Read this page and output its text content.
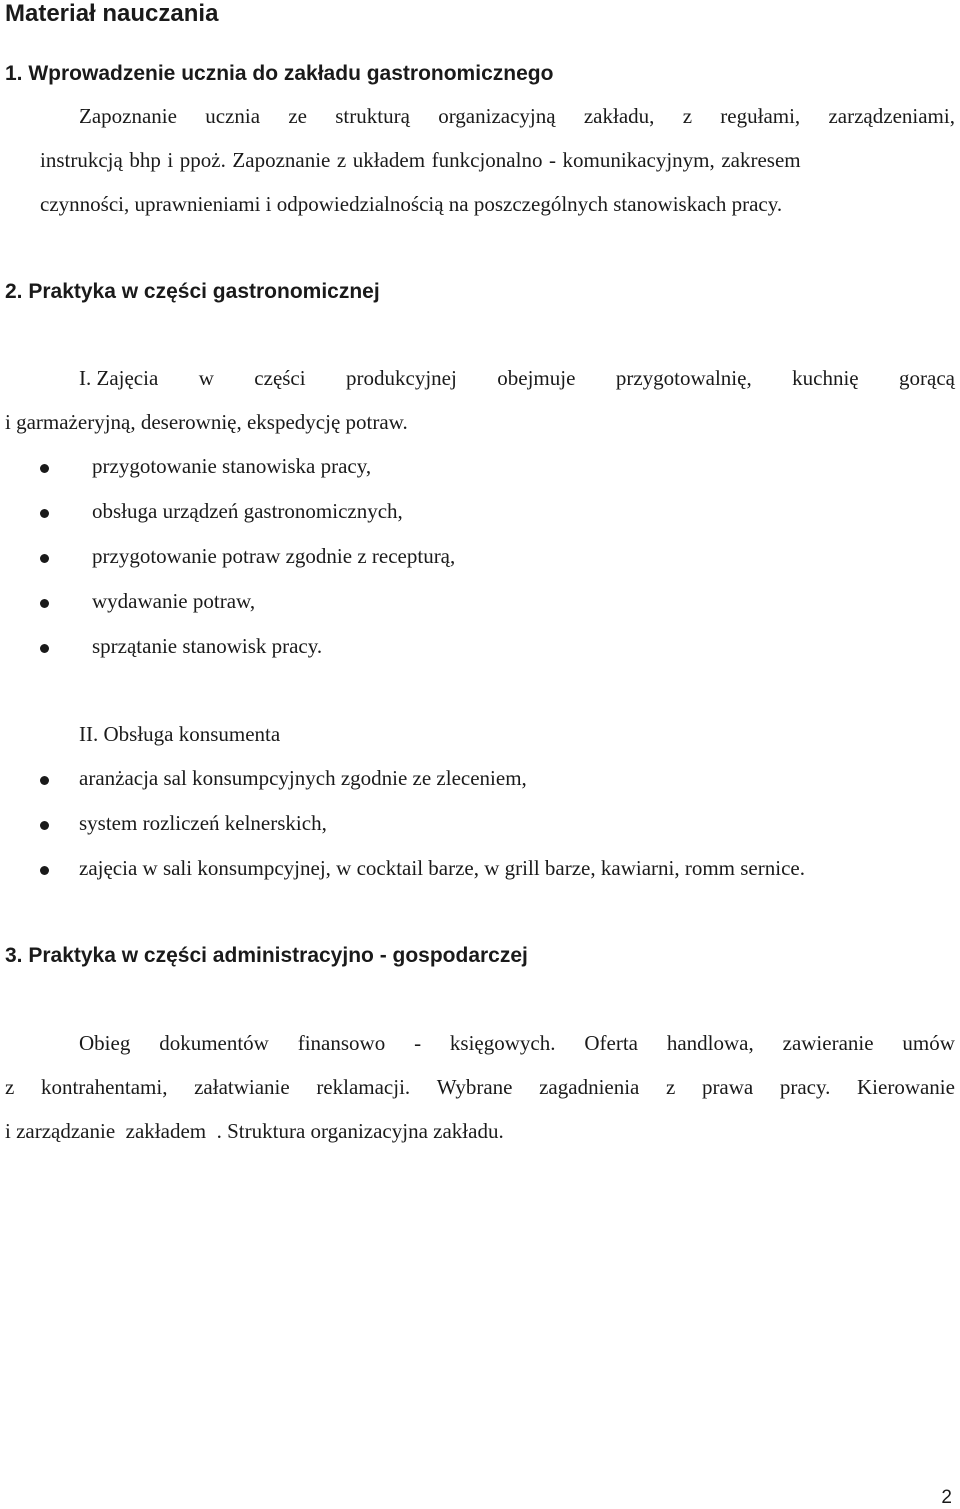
Materiał nauczania
1. Wprowadzenie ucznia do zakładu gastronomicznego
Zapoznanie ucznia ze strukturą organizacyjną zakładu, z regułami, zarządzeniami,
instrukcją bhp i ppoż. Zapoznanie z układem funkcjonalno - komunikacyjnym, zakresem
czynności, uprawnieniami i odpowiedzialnością na poszczególnych stanowiskach pracy.
2. Praktyka w części gastronomicznej
I. Zajęcia w części produkcyjnej obejmuje przygotowalnię, kuchnię gorącą
i garmażeryjną, deserownię, ekspedycję potraw.
przygotowanie stanowiska pracy,
obsługa urządzeń gastronomicznych,
przygotowanie potraw zgodnie z recepturą,
wydawanie potraw,
sprzątanie stanowisk pracy.
II. Obsługa konsumenta
aranżacja sal konsumpcyjnych zgodnie ze zleceniem,
system rozliczeń kelnerskich,
zajęcia w sali konsumpcyjnej, w cocktail barze, w grill barze, kawiarni, romm sernice.
3. Praktyka w części administracyjno - gospodarczej
Obieg dokumentów finansowo - księgowych. Oferta handlowa, zawieranie umów
z kontrahentami, załatwianie reklamacji. Wybrane zagadnienia z prawa pracy. Kierowanie
i zarządzanie  zakładem  . Struktura organizacyjna zakładu.
2
